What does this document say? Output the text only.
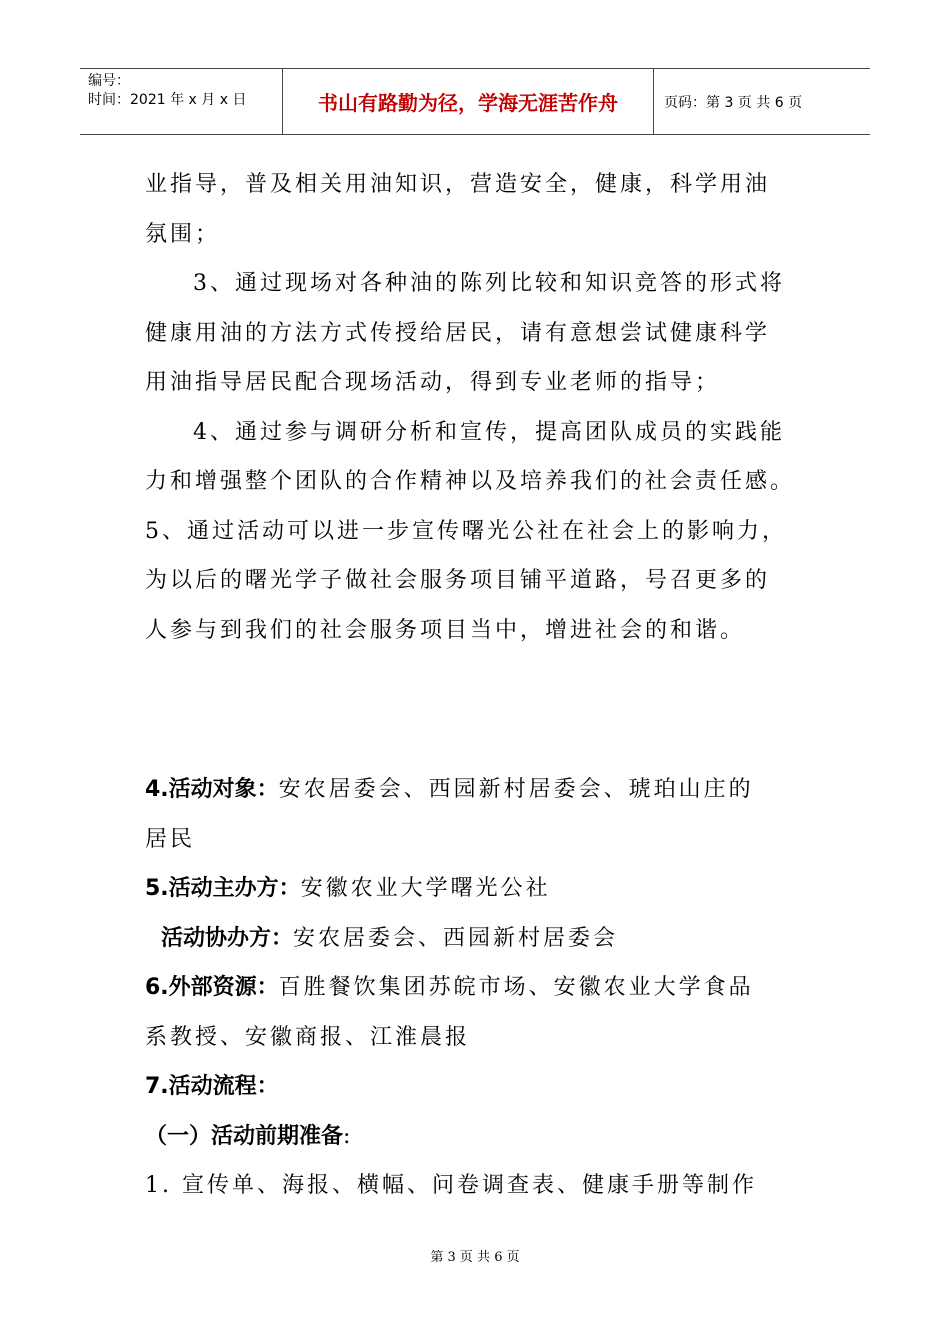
编号：
时间：2021 年 x 月 x 日	书山有路勤为径，学海无涯苦作舟	页码：第 3 页 共 6 页
业指导，普及相关用油知识，营造安全，健康，科学用油
氛围；
3、通过现场对各种油的陈列比较和知识竞答的形式将
健康用油的方法方式传授给居民，请有意想尝试健康科学
用油指导居民配合现场活动，得到专业老师的指导；
4、通过参与调研分析和宣传，提高团队成员的实践能
力和增强整个团队的合作精神以及培养我们的社会责任感。
5、通过活动可以进一步宣传曙光公社在社会上的影响力，
为以后的曙光学子做社会服务项目铺平道路，号召更多的
人参与到我们的社会服务项目当中，增进社会的和谐。
4.活动对象：安农居委会、西园新村居委会、琥珀山庄的
居民
5.活动主办方：安徽农业大学曙光公社
活动协办方：安农居委会、西园新村居委会
6.外部资源：百胜餐饮集团苏皖市场、安徽农业大学食品
系教授、安徽商报、江淮晨报
7.活动流程：
（一）活动前期准备:
1. 宣传单、海报、横幅、问卷调查表、健康手册等制作
第 3 页 共 6 页
